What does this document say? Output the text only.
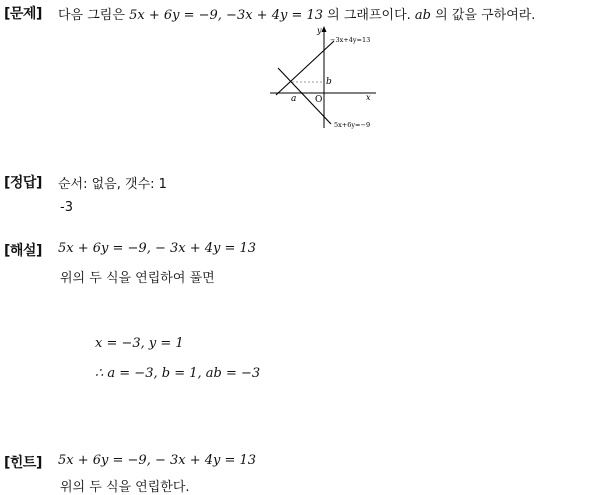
[문제] 다음 그림은 5x + 6y = −9, −3x + 4y = 13 의 그래프이다. ab 의 값을 구하여라.
y
x
O
a
b
−3x+4y=13
5x+6y=−9
[정답] 순서: 없음, 갯수: 1
-3
[해설] 5x + 6y = −9, − 3x + 4y = 13
위의 두 식을 연립하여 풀면
x = −3, y = 1
∴ a = −3, b = 1, ab = −3
[힌트] 5x + 6y = −9, − 3x + 4y = 13
위의 두 식을 연립한다.
